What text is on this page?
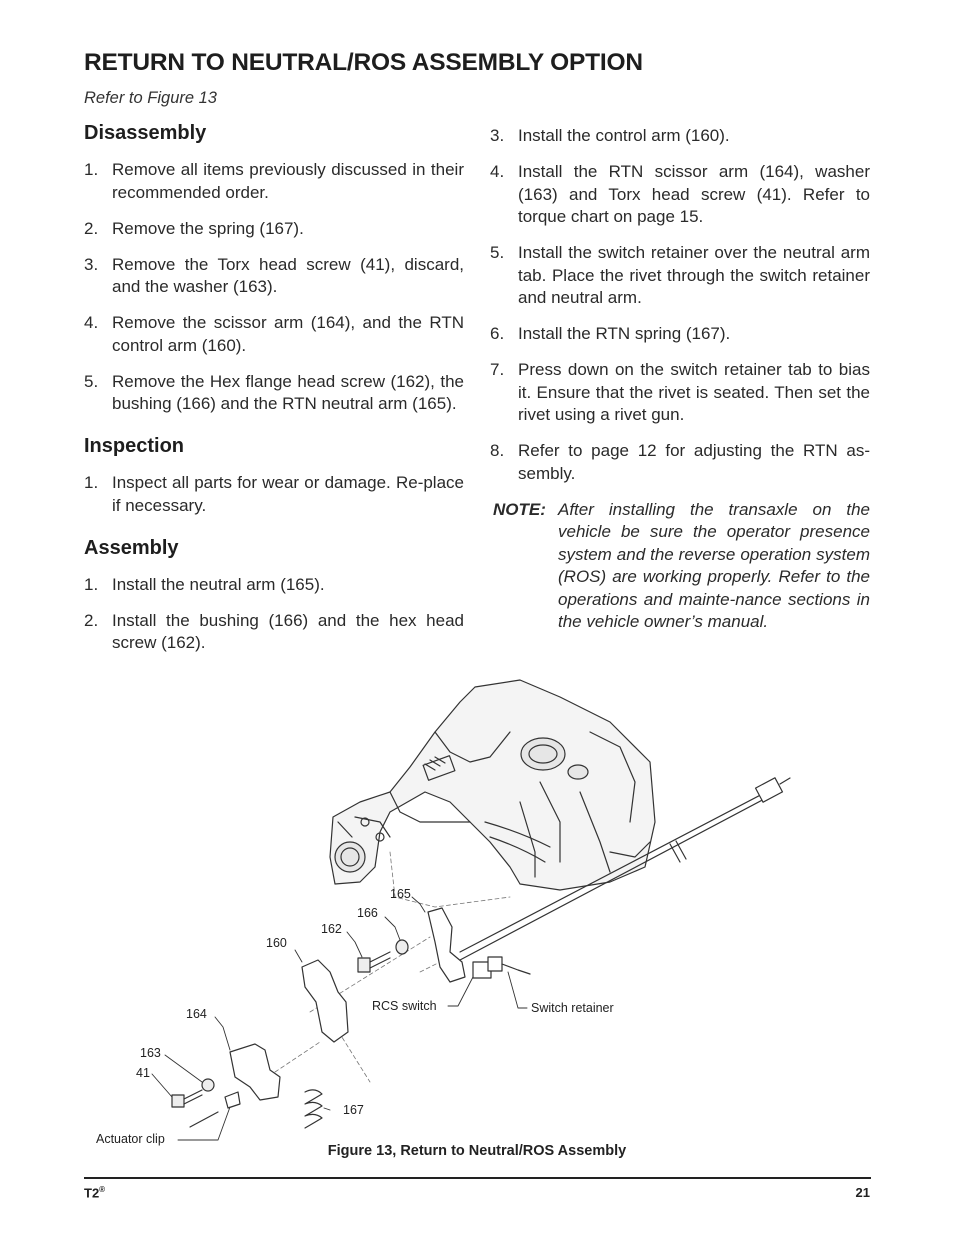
RETURN TO NEUTRAL/ROS ASSEMBLY OPTION
Refer to Figure 13
Disassembly
1. Remove all items previously discussed in their recommended order.
2. Remove the spring (167).
3. Remove the Torx head screw (41), discard, and the washer (163).
4. Remove the scissor arm (164), and the RTN control arm (160).
5. Remove the Hex flange head screw (162), the bushing (166) and the RTN neutral arm (165).
Inspection
1. Inspect all parts for wear or damage. Re-place if necessary.
Assembly
1. Install the neutral arm (165).
2. Install the bushing (166) and the hex head screw (162).
3. Install the control arm (160).
4. Install the RTN scissor arm (164), washer (163) and Torx head screw (41). Refer to torque chart on page 15.
5. Install the switch retainer over the neutral arm tab. Place the rivet through the switch retainer and neutral arm.
6. Install the RTN spring (167).
7. Press down on the switch retainer tab to bias it. Ensure that the rivet is seated. Then set the rivet using a rivet gun.
8. Refer to page 12 for adjusting the RTN as-sembly.
NOTE: After installing the transaxle on the vehicle be sure the operator presence system and the reverse operation system (ROS) are working properly. Refer to the operations and mainte-nance sections in the vehicle owner’s manual.
165
166
162
160
164
163
41
167
RCS switch	Switch retainer
Actuator clip
Figure 13, Return to Neutral/ROS Assembly
T2®	21
